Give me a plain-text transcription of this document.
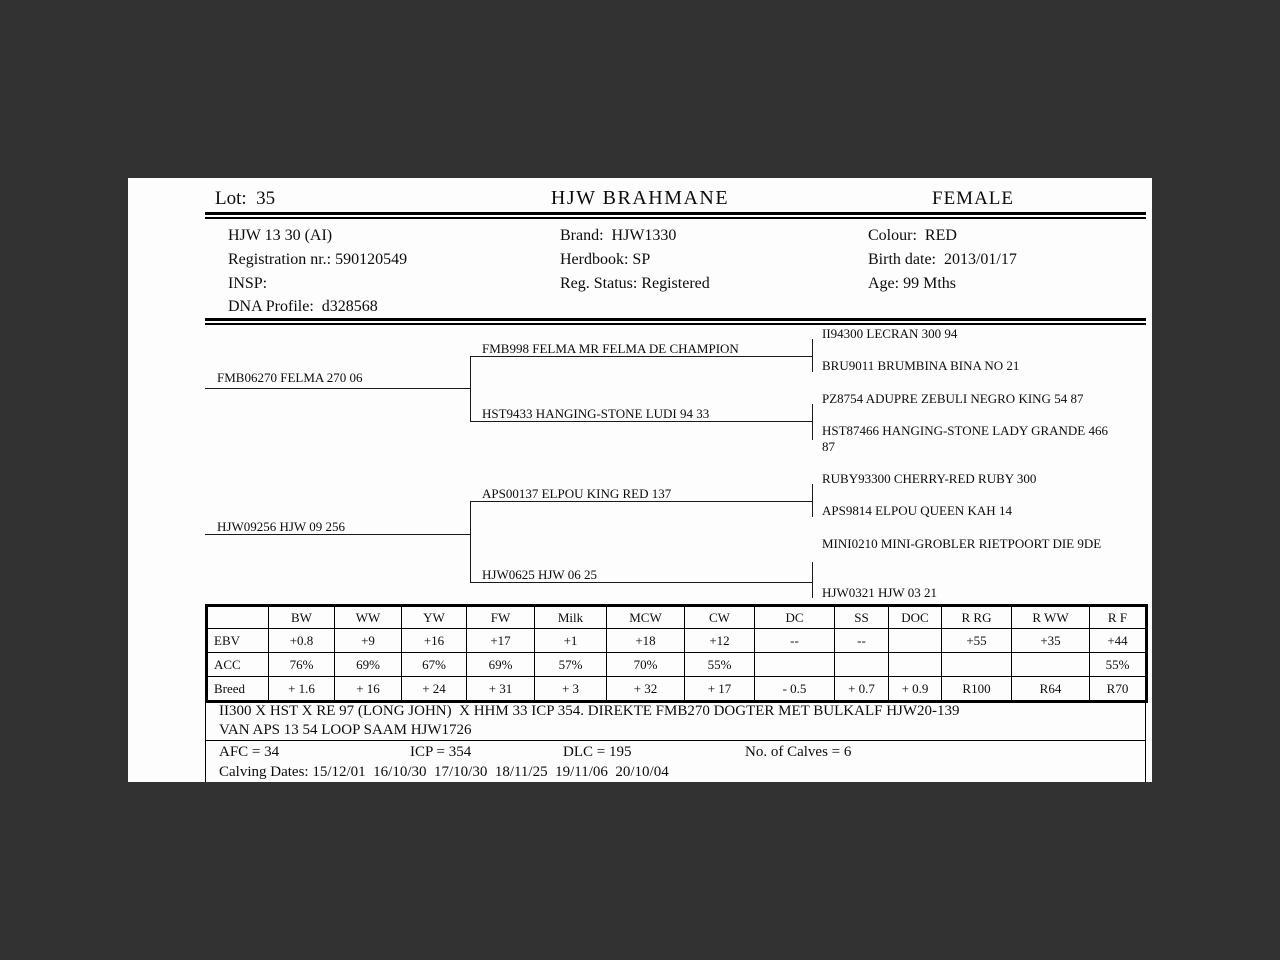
Lot:  35	HJW BRAHMANE	FEMALE
HJW 13 30 (AI)
Registration nr.: 590120549
INSP:
DNA Profile:  d328568
Brand:  HJW1330
Herdbook: SP
Reg. Status: Registered
Colour:  RED
Birth date:  2013/01/17
Age: 99 Mths
FMB06270 FELMA 270 06
HJW09256 HJW 09 256
FMB998 FELMA MR FELMA DE CHAMPION
HST9433 HANGING-STONE LUDI 94 33
APS00137 ELPOU KING RED 137
HJW0625 HJW 06 25
II94300 LECRAN 300 94
BRU9011 BRUMBINA BINA NO 21
PZ8754 ADUPRE ZEBULI NEGRO KING 54 87
HST87466 HANGING-STONE LADY GRANDE 466 87
RUBY93300 CHERRY-RED RUBY 300
APS9814 ELPOU QUEEN KAH 14
MINI0210 MINI-GROBLER RIETPOORT DIE 9DE
HJW0321 HJW 03 21
	BW	WW	YW	FW	Milk	MCW	CW	DC	SS	DOC	R RG	R WW	R F
EBV	+0.8	+9	+16	+17	+1	+18	+12	--	--		+55	+35	+44
ACC	76%	69%	67%	69%	57%	70%	55%						55%
Breed	+ 1.6	+ 16	+ 24	+ 31	+ 3	+ 32	+ 17	- 0.5	+ 0.7	+ 0.9	R100	R64	R70
II300 X HST X RE 97 (LONG JOHN)  X HHM 33 ICP 354. DIREKTE FMB270 DOGTER MET BULKALF HJW20-139
VAN APS 13 54 LOOP SAAM HJW1726
AFC = 34	ICP = 354	DLC = 195	No. of Calves = 6
Calving Dates: 15/12/01  16/10/30  17/10/30  18/11/25  19/11/06  20/10/04
